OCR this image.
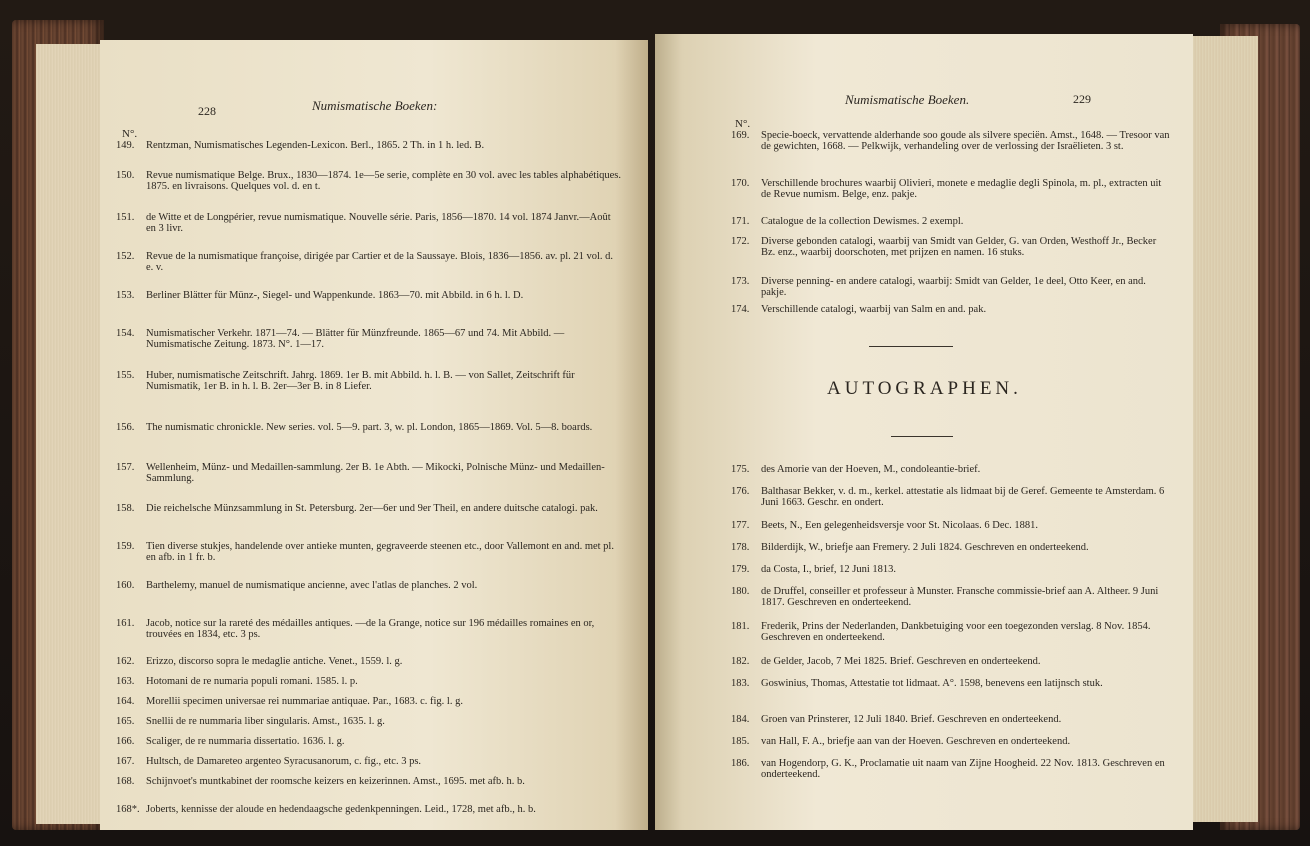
228	Numismatische Boeken:
N°.
149.	Rentzman, Numismatisches Legenden-Lexicon. Berl., 1865. 2 Th. in 1 h. led. B.
150.	Revue numismatique Belge. Brux., 1830—1874. 1e—5e serie, complète en 30 vol. avec les tables alphabétiques. 1875. en livraisons. Quelques vol. d. en t.
151.	de Witte et de Longpérier, revue numismatique. Nouvelle série. Paris, 1856—1870. 14 vol. 1874 Janvr.—Août en 3 livr.
152.	Revue de la numismatique françoise, dirigée par Cartier et de la Saussaye. Blois, 1836—1856. av. pl. 21 vol. d. e. v.
153.	Berliner Blätter für Münz-, Siegel- und Wappenkunde. 1863—70. mit Abbild. in 6 h. l. D.
154.	Numismatischer Verkehr. 1871—74. — Blätter für Münzfreunde. 1865—67 und 74. Mit Abbild. — Numismatische Zeitung. 1873. N°. 1—17.
155.	Huber, numismatische Zeitschrift. Jahrg. 1869. 1er B. mit Abbild. h. l. B. — von Sallet, Zeitschrift für Numismatik, 1er B. in h. l. B. 2er—3er B. in 8 Liefer.
156.	The numismatic chronickle. New series. vol. 5—9. part. 3, w. pl. London, 1865—1869. Vol. 5—8. boards.
157.	Wellenheim, Münz- und Medaillen-sammlung. 2er B. 1e Abth. — Mikocki, Polnische Münz- und Medaillen-Sammlung.
158.	Die reichelsche Münzsammlung in St. Petersburg. 2er—6er und 9er Theil, en andere duitsche catalogi. pak.
159.	Tien diverse stukjes, handelende over antieke munten, gegraveerde steenen etc., door Vallemont en and. met pl. en afb. in 1 fr. b.
160.	Barthelemy, manuel de numismatique ancienne, avec l'atlas de planches. 2 vol.
161.	Jacob, notice sur la rareté des médailles antiques. —de la Grange, notice sur 196 médailles romaines en or, trouvées en 1834, etc. 3 ps.
162.	Erizzo, discorso sopra le medaglie antiche. Venet., 1559. l. g.
163.	Hotomani de re numaria populi romani. 1585. l. p.
164.	Morellii specimen universae rei nummariae antiquae. Par., 1683. c. fig. l. g.
165.	Snellii de re nummaria liber singularis. Amst., 1635. l. g.
166.	Scaliger, de re nummaria dissertatio. 1636. l. g.
167.	Hultsch, de Damareteo argenteo Syracusanorum, c. fig., etc. 3 ps.
168.	Schijnvoet's muntkabinet der roomsche keizers en keizerinnen. Amst., 1695. met afb. h. b.
168*. Joberts, kennisse der aloude en hedendaagsche gedenkpenningen. Leid., 1728, met afb., h. b.
Numismatische Boeken.	229
N°.
169.	Specie-boeck, vervattende alderhande soo goude als silvere speciën. Amst., 1648. — Tresoor van de gewichten, 1668. — Pelkwijk, verhandeling over de verlossing der Israëlieten. 3 st.
170.	Verschillende brochures waarbij Olivieri, monete e medaglie degli Spinola, m. pl., extracten uit de Revue numism. Belge, enz. pakje.
171.	Catalogue de la collection Dewismes. 2 exempl.
172.	Diverse gebonden catalogi, waarbij van Smidt van Gelder, G. van Orden, Westhoff Jr., Becker Bz. enz., waarbij doorschoten, met prijzen en namen. 16 stuks.
173.	Diverse penning- en andere catalogi, waarbij: Smidt van Gelder, 1e deel, Otto Keer, en and. pakje.
174.	Verschillende catalogi, waarbij van Salm en and. pak.
AUTOGRAPHEN.
175.	des Amorie van der Hoeven, M., condoleantie-brief.
176.	Balthasar Bekker, v. d. m., kerkel. attestatie als lidmaat bij de Geref. Gemeente te Amsterdam. 6 Juni 1663. Geschr. en ondert.
177.	Beets, N., Een gelegenheidsversje voor St. Nicolaas. 6 Dec. 1881.
178.	Bilderdijk, W., briefje aan Fremery. 2 Juli 1824. Geschreven en onderteekend.
179.	da Costa, I., brief, 12 Juni 1813.
180.	de Druffel, conseiller et professeur à Munster. Fransche commissie-brief aan A. Altheer. 9 Juni 1817. Geschreven en onderteekend.
181.	Frederik, Prins der Nederlanden, Dankbetuiging voor een toegezonden verslag. 8 Nov. 1854. Geschreven en onderteekend.
182.	de Gelder, Jacob, 7 Mei 1825. Brief. Geschreven en onderteekend.
183.	Goswinius, Thomas, Attestatie tot lidmaat. A°. 1598, benevens een latijnsch stuk.
184.	Groen van Prinsterer, 12 Juli 1840. Brief. Geschreven en onderteekend.
185.	van Hall, F. A., briefje aan van der Hoeven. Geschreven en onderteekend.
186.	van Hogendorp, G. K., Proclamatie uit naam van Zijne Hoogheid. 22 Nov. 1813. Geschreven en onderteekend.
